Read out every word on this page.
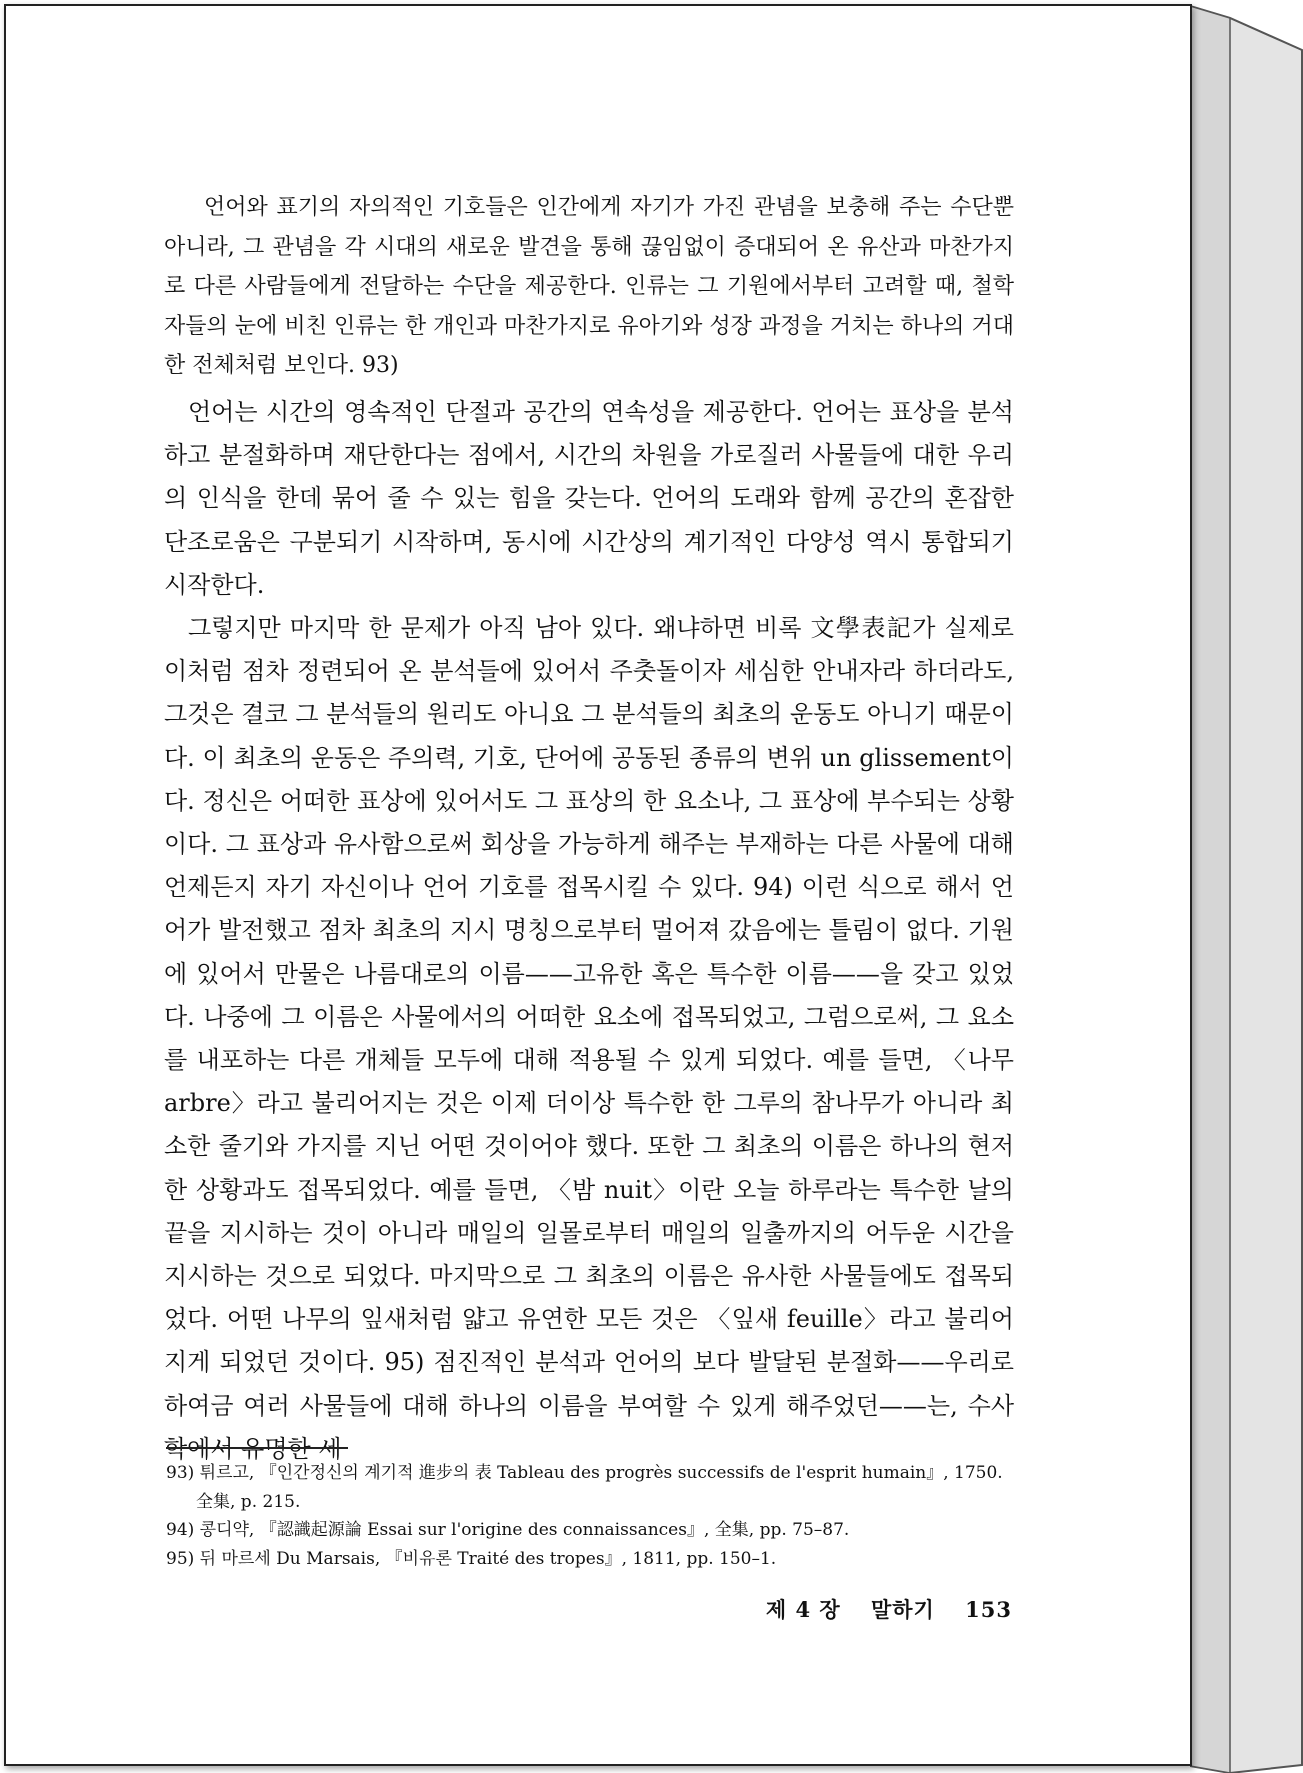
언어와 표기의 자의적인 기호들은 인간에게 자기가 가진 관념을 보충해 주는 수단뿐 아니라, 그 관념을 각 시대의 새로운 발견을 통해 끊임없이 증대되어 온 유산과 마찬가지로 다른 사람들에게 전달하는 수단을 제공한다. 인류는 그 기원에서부터 고려할 때, 철학자들의 눈에 비친 인류는 한 개인과 마찬가지로 유아기와 성장 과정을 거치는 하나의 거대한 전체처럼 보인다. 93)

언어는 시간의 영속적인 단절과 공간의 연속성을 제공한다. 언어는 표상을 분석하고 분절화하며 재단한다는 점에서, 시간의 차원을 가로질러 사물들에 대한 우리의 인식을 한데 묶어 줄 수 있는 힘을 갖는다. 언어의 도래와 함께 공간의 혼잡한 단조로움은 구분되기 시작하며, 동시에 시간상의 계기적인 다양성 역시 통합되기 시작한다.

그렇지만 마지막 한 문제가 아직 남아 있다. 왜냐하면 비록 文學表記가 실제로 이처럼 점차 정련되어 온 분석들에 있어서 주춧돌이자 세심한 안내자라 하더라도, 그것은 결코 그 분석들의 원리도 아니요 그 분석들의 최초의 운동도 아니기 때문이다. 이 최초의 운동은 주의력, 기호, 단어에 공동된 종류의 변위 un glissement이다. 정신은 어떠한 표상에 있어서도 그 표상의 한 요소나, 그 표상에 부수되는 상황이다. 그 표상과 유사함으로써 회상을 가능하게 해주는 부재하는 다른 사물에 대해 언제든지 자기 자신이나 언어 기호를 접목시킬 수 있다. 94) 이런 식으로 해서 언어가 발전했고 점차 최초의 지시 명칭으로부터 멀어져 갔음에는 틀림이 없다. 기원에 있어서 만물은 나름대로의 이름——고유한 혹은 특수한 이름——을 갖고 있었다. 나중에 그 이름은 사물에서의 어떠한 요소에 접목되었고, 그럼으로써, 그 요소를 내포하는 다른 개체들 모두에 대해 적용될 수 있게 되었다. 예를 들면, 〈나무 arbre〉라고 불리어지는 것은 이제 더이상 특수한 한 그루의 참나무가 아니라 최소한 줄기와 가지를 지닌 어떤 것이어야 했다. 또한 그 최초의 이름은 하나의 현저한 상황과도 접목되었다. 예를 들면, 〈밤 nuit〉이란 오늘 하루라는 특수한 날의 끝을 지시하는 것이 아니라 매일의 일몰로부터 매일의 일출까지의 어두운 시간을 지시하는 것으로 되었다. 마지막으로 그 최초의 이름은 유사한 사물들에도 접목되었다. 어떤 나무의 잎새처럼 얇고 유연한 모든 것은 〈잎새 feuille〉라고 불리어지게 되었던 것이다. 95) 점진적인 분석과 언어의 보다 발달된 분절화——우리로 하여금 여러 사물들에 대해 하나의 이름을 부여할 수 있게 해주었던——는, 수사학에서 유명한 세

93) 튀르고, 『인간정신의 계기적 進步의 表 Tableau des progrès successifs de l'esprit humain』, 1750. 全集, p. 215.

94) 콩디약, 『認識起源論 Essai sur l'origine des connaissances』, 全集, pp. 75–87.

95) 뒤 마르세 Du Marsais, 『비유론 Traité des tropes』, 1811, pp. 150–1.

제 4 장 말하기 153
